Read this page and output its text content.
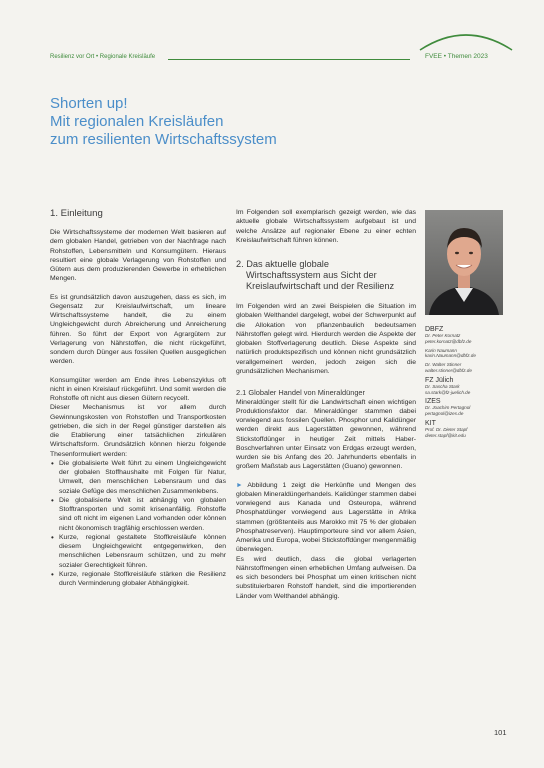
Resilienz vor Ort • Regionale Kreisläufe	FVEE • Themen 2023
Shorten up!
Mit regionalen Kreisläufen
zum resilienten Wirtschaftssystem
1. Einleitung

Die Wirtschaftssysteme der modernen Welt basieren auf dem globalen Handel, getrieben von der Nachfrage nach Rohstoffen, Lebensmitteln und Konsumgütern. Hieraus resultiert eine globale Verlagerung von Rohstoffen und Gütern aus dem produzierenden Gewerbe in erheblichen Mengen.

Es ist grundsätzlich davon auszugehen, dass es sich, im Gegensatz zur Kreislaufwirtschaft, um lineare Wirtschaftssysteme handelt, die zu einem Ungleichgewicht durch Abreicherung und Anreicherung führen. So führt der Export von Agrargütern zur Verlagerung von Nährstoffen, die nicht rückgeführt, sondern durch Dünger aus fossilen Quellen ausgeglichen werden.

Konsumgüter werden am Ende ihres Lebenszyklus oft nicht in einen Kreislauf rückgeführt. Und somit werden die Rohstoffe oft nicht aus diesen Gütern recycelt.

Dieser Mechanismus ist vor allem durch Gewinnungskosten von Rohstoffen und Transportkosten getrieben, die sich in der Regel günstiger darstellen als die Etablierung einer tatsächlichen zirkulären Wirtschaftsform. Grundsätzlich können hierzu folgende Thesenformuliert werden:

• Die globalisierte Welt führt zu einem Ungleichgewicht der globalen Stoffhaushalte mit Folgen für Natur, Umwelt, den menschlichen Lebensraum und das soziale Gefüge des menschlichen Zusammenlebens.
• Die globalisierte Welt ist abhängig von globalen Stofftransporten und somit krisenanfällig. Rohstoffe sind oft nicht im eigenen Land vorhanden oder können nicht ökonomisch tragfähig erschlossen werden.
• Kurze, regional gestaltete Stoffkreisläufe können diesem Ungleichgewicht entgegenwirken, den menschlichen Lebensraum schützen, und zu mehr sozialer Gerechtigkeit führen.
• Kurze, regionale Stoffkreisläufe stärken die Resilienz durch Verminderung globaler Abhängigkeit.

Im Folgenden soll exemplarisch gezeigt werden, wie das aktuelle globale Wirtschaftssystem aufgebaut ist und welche Ansätze auf regionaler Ebene zu einer echten Kreislaufwirtschaft führen können.

2. Das aktuelle globale
Wirtschaftssystem aus Sicht der
Kreislaufwirtschaft und der Resilienz

Im Folgenden wird an zwei Beispielen die Situation im globalen Welthandel dargelegt, wobei der Schwerpunkt auf die Allokation von pflanzenbaulich bedeutsamen Nährstoffen gelegt wird. Hierdurch werden die Aspekte der globalen Stoffverlagerung deutlich. Diese Aspekte sind natürlich produktspezifisch und können nicht grundsätzlich verallgemeinert werden, jedoch zeigen sich die grundsätzlichen Mechanismen.

2.1 Globaler Handel von Mineraldünger

Mineraldünger stellt für die Landwirtschaft einen wichtigen Produktionsfaktor dar. Mineraldünger stammen dabei vorwiegend aus fossilen Quellen. Phosphor und Kalidünger werden direkt aus Lagerstätten gewonnen, während Stickstoffdünger in heutiger Zeit mittels Haber-Boschverfahren unter Einsatz von Erdgas erzeugt werden, wurden sie bis Anfang des 20. Jahrhunderts ebenfalls in großem Maßstab aus Lagerstätten (Guano) gewonnen.

► Abbildung 1 zeigt die Herkünfte und Mengen des globalen Mineraldüngerhandels. Kalidünger stammen dabei vorwiegend aus Kanada und Osteuropa, während Phosphatdünger vorwiegend aus Lagerstätte in Afrika stammen (größtenteils aus Marokko mit 75 % der globalen Phosphatreserven). Hauptimporteure sind vor allem Asien, Amerika und Europa, wobei Stickstoffdünger mengenmäßig überwiegen.

Es wird deutlich, dass die global verlagerten Nährstoffmengen einen erheblichen Umfang aufweisen. Da es sich besonders bei Phosphat um einen kritischen nicht substituierbaren Rohstoff handelt, sind die importierenden Länder vom Welthandel abhängig.

DBFZ
Dr. Peter Kornatz
peter.kornatz@dbfz.de
Karin Naumann
karin.Naumann@dbfz.de
Dr. Walter Stinner
walter.stinner@dbfz.de
FZ Jülich
Dr. Sascha Stark
sa.stark@fz-juelich.de
IZES
Dr. Joachim Pertagnol
pertagnol@izes.de
KIT
Prof. Dr. Dieter Stapf
dieter.stapf@kit.edu
101
